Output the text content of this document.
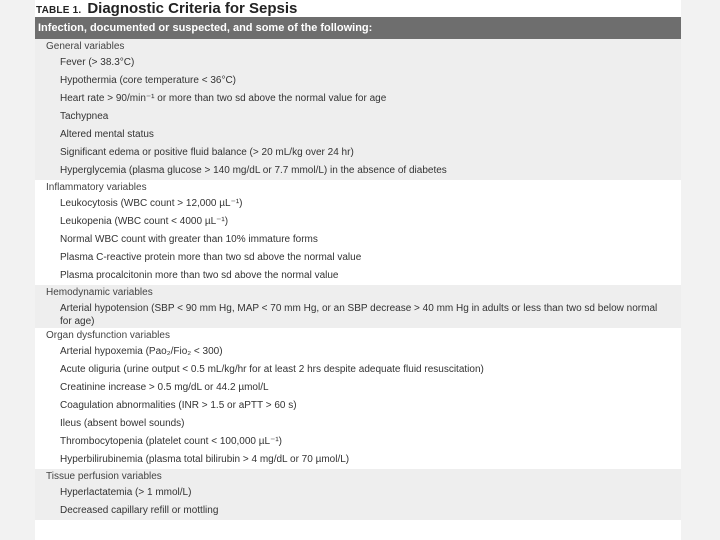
TABLE 1. Diagnostic Criteria for Sepsis
Infection, documented or suspected, and some of the following:
General variables
Fever (> 38.3°C)
Hypothermia (core temperature < 36°C)
Heart rate > 90/min⁻¹ or more than two sd above the normal value for age
Tachypnea
Altered mental status
Significant edema or positive fluid balance (> 20 mL/kg over 24 hr)
Hyperglycemia (plasma glucose > 140 mg/dL or 7.7 mmol/L) in the absence of diabetes
Inflammatory variables
Leukocytosis (WBC count > 12,000 µL⁻¹)
Leukopenia (WBC count < 4000 µL⁻¹)
Normal WBC count with greater than 10% immature forms
Plasma C-reactive protein more than two sd above the normal value
Plasma procalcitonin more than two sd above the normal value
Hemodynamic variables
Arterial hypotension (SBP < 90 mm Hg, MAP < 70 mm Hg, or an SBP decrease > 40 mm Hg in adults or less than two sd below normal for age)
Organ dysfunction variables
Arterial hypoxemia (Pao₂/Fio₂ < 300)
Acute oliguria (urine output < 0.5 mL/kg/hr for at least 2 hrs despite adequate fluid resuscitation)
Creatinine increase > 0.5 mg/dL or 44.2 µmol/L
Coagulation abnormalities (INR > 1.5 or aPTT > 60 s)
Ileus (absent bowel sounds)
Thrombocytopenia (platelet count < 100,000 µL⁻¹)
Hyperbilirubinemia (plasma total bilirubin > 4 mg/dL or 70 µmol/L)
Tissue perfusion variables
Hyperlactatemia (> 1 mmol/L)
Decreased capillary refill or mottling
